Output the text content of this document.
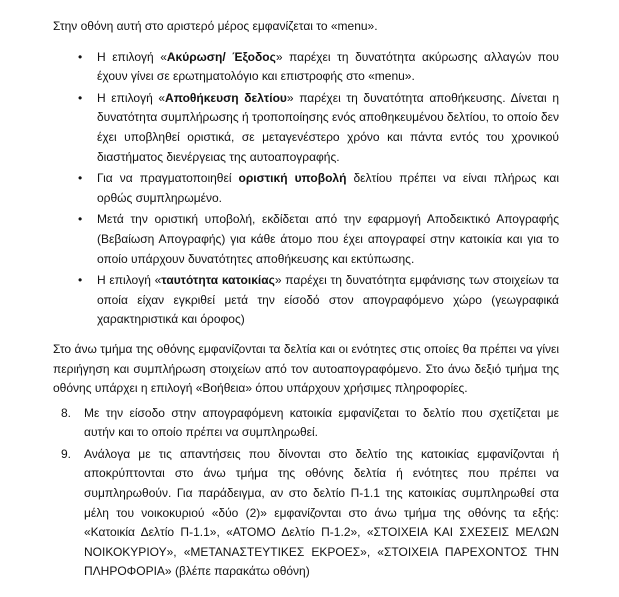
Στην οθόνη αυτή στο αριστερό μέρος εμφανίζεται το «menu».

• Η επιλογή «Ακύρωση/ Έξοδος» παρέχει τη δυνατότητα ακύρωσης αλλαγών που έχουν γίνει σε ερωτηματολόγιο και επιστροφής στο «menu».
• Η επιλογή «Αποθήκευση δελτίου» παρέχει τη δυνατότητα αποθήκευσης. Δίνεται η δυνατότητα συμπλήρωσης ή τροποποίησης ενός αποθηκευμένου δελτίου, το οποίο δεν έχει υποβληθεί οριστικά, σε μεταγενέστερο χρόνο και πάντα εντός του χρονικού διαστήματος διενέργειας της αυτοαπογραφής.
• Για να πραγματοποιηθεί οριστική υποβολή δελτίου πρέπει να είναι πλήρως και ορθώς συμπληρωμένο.
• Μετά την οριστική υποβολή, εκδίδεται από την εφαρμογή Αποδεικτικό Απογραφής (Βεβαίωση Απογραφής) για κάθε άτομο που έχει απογραφεί στην κατοικία και για το οποίο υπάρχουν δυνατότητες αποθήκευσης και εκτύπωσης.
• Η επιλογή «ταυτότητα κατοικίας» παρέχει τη δυνατότητα εμφάνισης των στοιχείων τα οποία είχαν εγκριθεί μετά την είσοδό στον απογραφόμενο χώρο (γεωγραφικά χαρακτηριστικά και όροφος)

Στο άνω τμήμα της οθόνης εμφανίζονται τα δελτία και οι ενότητες στις οποίες θα πρέπει να γίνει περιήγηση και συμπλήρωση στοιχείων από τον αυτοαπογραφόμενο. Στο άνω δεξιό τμήμα της οθόνης υπάρχει η επιλογή «Βοήθεια» όπου υπάρχουν χρήσιμες πληροφορίες.

8. Με την είσοδο στην απογραφόμενη κατοικία εμφανίζεται το δελτίο που σχετίζεται με αυτήν και το οποίο πρέπει να συμπληρωθεί.
9. Ανάλογα με τις απαντήσεις που δίνονται στο δελτίο της κατοικίας εμφανίζονται ή αποκρύπτονται στο άνω τμήμα της οθόνης δελτία ή ενότητες που πρέπει να συμπληρωθούν. Για παράδειγμα, αν στο δελτίο Π-1.1 της κατοικίας συμπληρωθεί στα μέλη του νοικοκυριού «δύο (2)» εμφανίζονται στο άνω τμήμα της οθόνης τα εξής: «Κατοικία Δελτίο Π-1.1», «ΑΤΟΜΟ Δελτίο Π-1.2», «ΣΤΟΙΧΕΙΑ ΚΑΙ ΣΧΕΣΕΙΣ ΜΕΛΩΝ ΝΟΙΚΟΚΥΡΙΟΥ», «ΜΕΤΑΝΑΣΤΕΥΤΙΚΕΣ ΕΚΡΟΕΣ», «ΣΤΟΙΧΕΙΑ ΠΑΡΕΧΟΝΤΟΣ ΤΗΝ ΠΛΗΡΟΦΟΡΙΑ» (βλέπε παρακάτω οθόνη)
